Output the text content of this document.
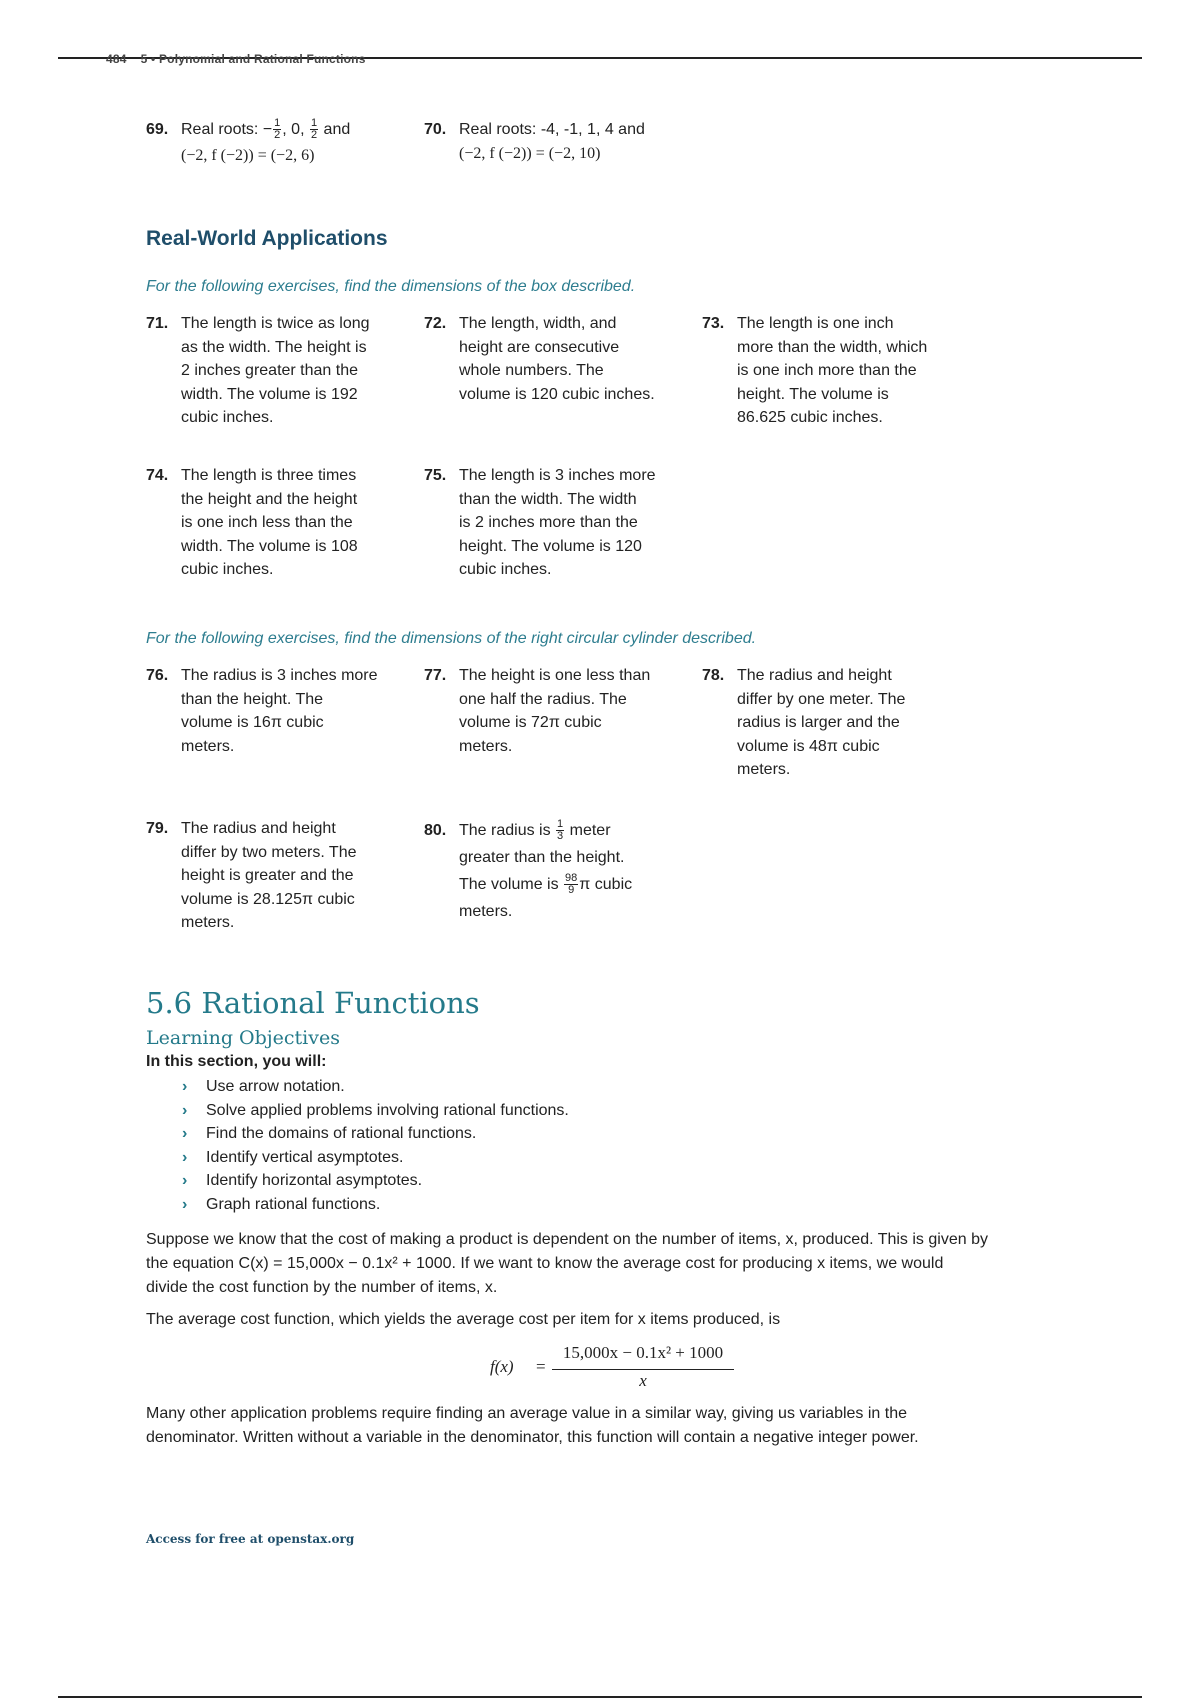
484 5 • Polynomial and Rational Functions
69. Real roots: − $\frac{1}{2}$ , 0, $\frac{1}{2}$ and
(−2, f (−2)) = (−2, 6)
70. Real roots: -4, -1, 1, 4 and
(−2, f (−2)) = (−2, 10)
Real-World Applications
For the following exercises, find the dimensions of the box described.
71. The length is twice as long
as the width. The height is
2 inches greater than the
width. The volume is 192
cubic inches.
72. The length, width, and
height are consecutive
whole numbers. The
volume is 120 cubic inches.
73. The length is one inch
more than the width, which
is one inch more than the
height. The volume is
86.625 cubic inches.
74. The length is three times
the height and the height
is one inch less than the
width. The volume is 108
cubic inches.
75. The length is 3 inches more
than the width. The width
is 2 inches more than the
height. The volume is 120
cubic inches.
For the following exercises, find the dimensions of the right circular cylinder described.
76. The radius is 3 inches more
than the height. The
volume is 16π cubic
meters.
77. The height is one less than
one half the radius. The
volume is 72π cubic
meters.
78. The radius and height
differ by one meter. The
radius is larger and the
volume is 48π cubic
meters.
79. The radius and height
differ by two meters. The
height is greater and the
volume is 28.125π cubic
meters.
80. The radius is $\frac{1}{3}$ meter
greater than the height.
The volume is $\frac{98}{9}$ π cubic
meters.
5.6 Rational Functions
Learning Objectives
In this section, you will:
› Use arrow notation.
› Solve applied problems involving rational functions.
› Find the domains of rational functions.
› Identify vertical asymptotes.
› Identify horizontal asymptotes.
› Graph rational functions.
Suppose we know that the cost of making a product is dependent on the number of items, x, produced. This is given by
the equation C(x) = 15,000x − 0.1x² + 1000. If we want to know the average cost for producing x items, we would
divide the cost function by the number of items, x.
The average cost function, which yields the average cost per item for x items produced, is
f(x) =
15,000x − 0.1x² + 1000
x
Many other application problems require finding an average value in a similar way, giving us variables in the
denominator. Written without a variable in the denominator, this function will contain a negative integer power.
Access for free at openstax.org
